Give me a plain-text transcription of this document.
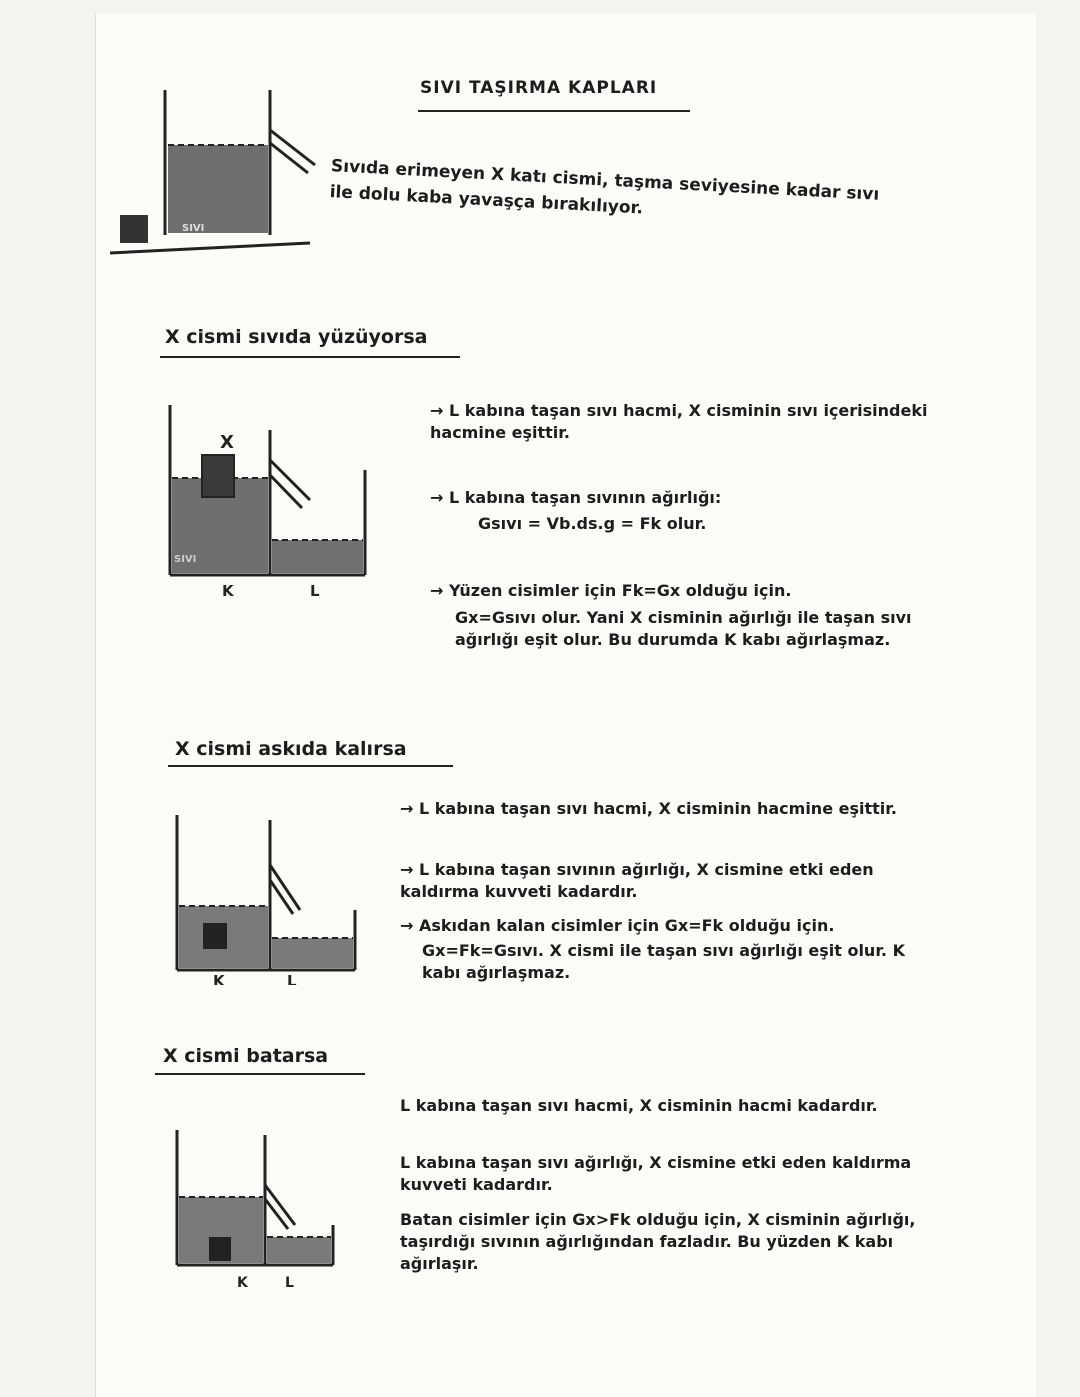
SIVI TAŞIRMA KAPLARI
SIVI
Sıvıda erimeyen X katı cismi, taşma seviyesine kadar sıvı ile dolu kaba yavaşça bırakılıyor.
X cismi sıvıda yüzüyorsa
X
SIVI
K	L
→ L kabına taşan sıvı hacmi, X cisminin sıvı içerisindeki hacmine eşittir.
→ L kabına taşan sıvının ağırlığı:
Gsıvı = Vb.ds.g = Fk olur.
→ Yüzen cisimler için Fk=Gx olduğu için.
Gx=Gsıvı olur. Yani X cisminin ağırlığı ile taşan sıvı ağırlığı eşit olur. Bu durumda K kabı ağırlaşmaz.
X cismi askıda kalırsa
K	L
→ L kabına taşan sıvı hacmi, X cisminin hacmine eşittir.
→ L kabına taşan sıvının ağırlığı, X cismine etki eden kaldırma kuvveti kadardır.
→ Askıdan kalan cisimler için Gx=Fk olduğu için.
Gx=Fk=Gsıvı. X cismi ile taşan sıvı ağırlığı eşit olur. K kabı ağırlaşmaz.
X cismi batarsa
K	L
L kabına taşan sıvı hacmi, X cisminin hacmi kadardır.
L kabına taşan sıvı ağırlığı, X cismine etki eden kaldırma kuvveti kadardır.
Batan cisimler için Gx>Fk olduğu için, X cisminin ağırlığı, taşırdığı sıvının ağırlığından fazladır. Bu yüzden K kabı ağırlaşır.
